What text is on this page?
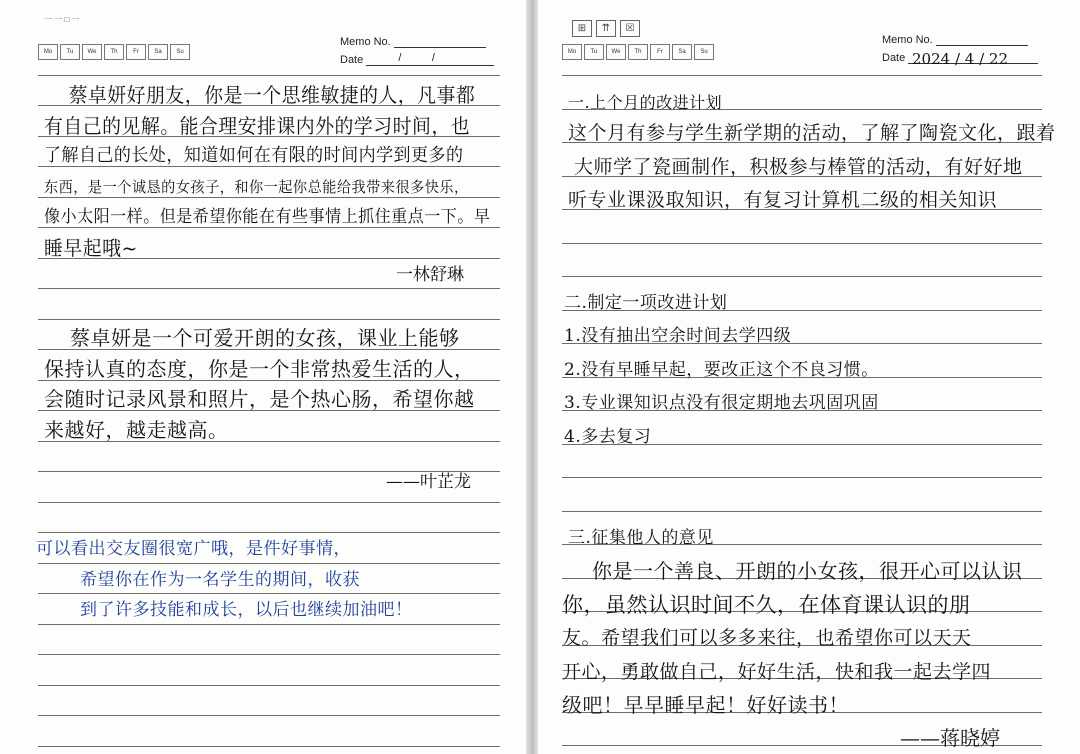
一 一 □ 一
Mo	Tu	We	Th	Fr	Sa	Su
Memo No.
Date	/          /
蔡卓妍好朋友，你是一个思维敏捷的人，凡事都
有自己的见解。能合理安排课内外的学习时间，也
了解自己的长处，知道如何在有限的时间内学到更多的
东西，是一个诚恳的女孩子，和你一起你总能给我带来很多快乐，
像小太阳一样。但是希望你能在有些事情上抓住重点一下。早
睡早起哦~
一林舒琳
蔡卓妍是一个可爱开朗的女孩，课业上能够
保持认真的态度，你是一个非常热爱生活的人，
会随时记录风景和照片，是个热心肠，希望你越
来越好，越走越高。
——叶芷龙
可以看出交友圈很宽广哦，是件好事情，
希望你在作为一名学生的期间，收获
到了许多技能和成长，以后也继续加油吧！
⊞	⇈	☒
Mo	Tu	We	Th	Fr	Sa	Su
Memo No.
Date 2024 / 4 / 22
一.上个月的改进计划
这个月有参与学生新学期的活动，了解了陶瓷文化，跟着
大师学了瓷画制作，积极参与棒管的活动，有好好地
听专业课汲取知识，有复习计算机二级的相关知识
二.制定一项改进计划
1.没有抽出空余时间去学四级
2.没有早睡早起，要改正这个不良习惯。
3.专业课知识点没有很定期地去巩固巩固
4.多去复习
三.征集他人的意见
你是一个善良、开朗的小女孩，很开心可以认识
你，虽然认识时间不久，在体育课认识的朋
友。希望我们可以多多来往，也希望你可以天天
开心，勇敢做自己，好好生活，快和我一起去学四
级吧！早早睡早起！好好读书！
——蒋晓婷
